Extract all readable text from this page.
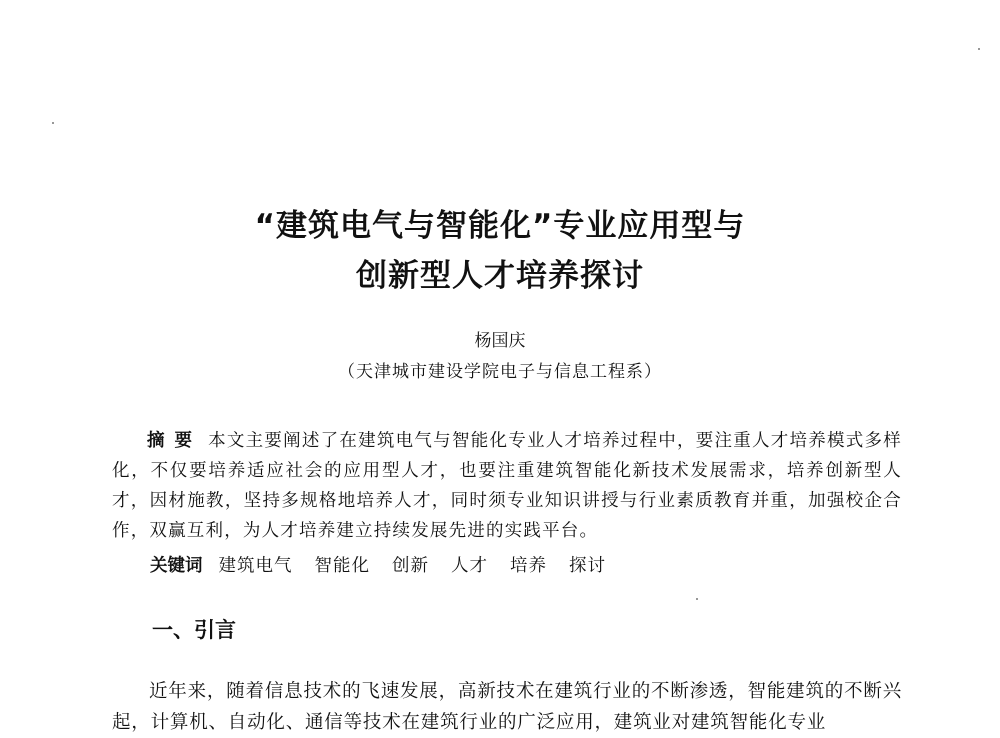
“建筑电气与智能化”专业应用型与
创新型人才培养探讨
杨国庆
（天津城市建设学院电子与信息工程系）

摘要 本文主要阐述了在建筑电气与智能化专业人才培养过程中，要注重人才培养模式多样化，不仅要培养适应社会的应用型人才，也要注重建筑智能化新技术发展需求，培养创新型人才，因材施教，坚持多规格地培养人才，同时须专业知识讲授与行业素质教育并重，加强校企合作，双赢互利，为人才培养建立持续发展先进的实践平台。

关键词 建筑电气 智能化 创新 人才 培养 探讨

一、引言

近年来，随着信息技术的飞速发展，高新技术在建筑行业的不断渗透，智能建筑的不断兴起，计算机、自动化、通信等技术在建筑行业的广泛应用，建筑业对建筑智能化专业
